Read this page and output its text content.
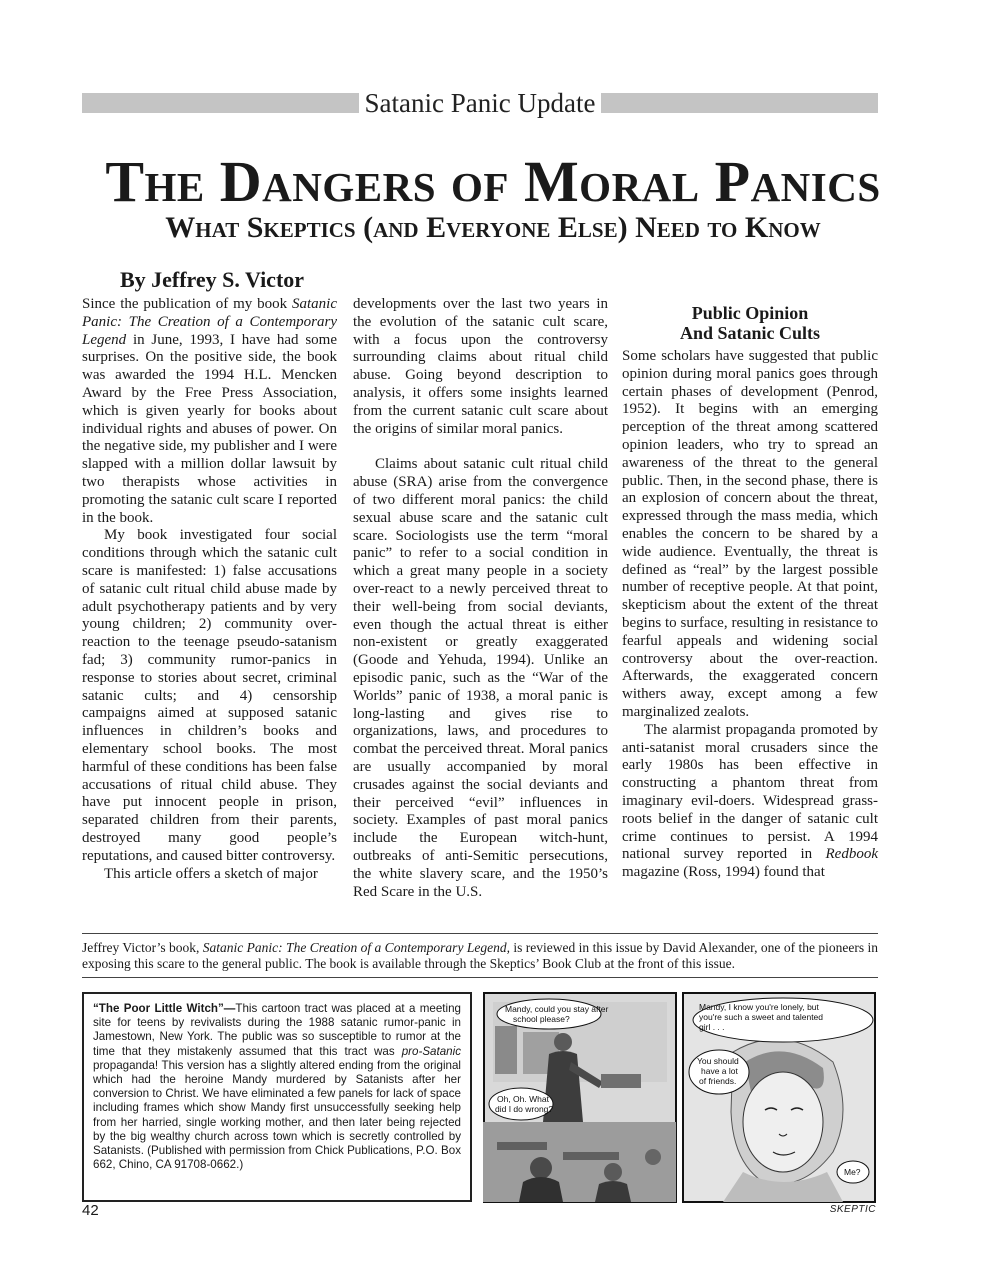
Satanic Panic Update
The Dangers of Moral Panics
What Skeptics (and Everyone Else) Need to Know
By Jeffrey S. Victor

Since the publication of my book Satanic Panic: The Creation of a Contemporary Legend in June, 1993, I have had some surprises. On the positive side, the book was awarded the 1994 H.L. Mencken Award by the Free Press Association, which is given yearly for books about individual rights and abuses of power. On the negative side, my publisher and I were slapped with a million dollar lawsuit by two therapists whose activities in promoting the satanic cult scare I reported in the book.

My book investigated four social conditions through which the satanic cult scare is manifested: 1) false accusations of satanic cult ritual child abuse made by adult psychotherapy patients and by very young children; 2) community over-reaction to the teenage pseudo-satanism fad; 3) community rumor-panics in response to stories about secret, criminal satanic cults; and 4) censorship campaigns aimed at supposed satanic influences in children’s books and elementary school books. The most harmful of these conditions has been false accusations of ritual child abuse. They have put innocent people in prison, separated children from their parents, destroyed many good people’s reputations, and caused bitter controversy.

This article offers a sketch of major

developments over the last two years in the evolution of the satanic cult scare, with a focus upon the controversy surrounding claims about ritual child abuse. Going beyond description to analysis, it offers some insights learned from the current satanic cult scare about the origins of similar moral panics.

Claims about satanic cult ritual child abuse (SRA) arise from the convergence of two different moral panics: the child sexual abuse scare and the satanic cult scare. Sociologists use the term “moral panic” to refer to a social condition in which a great many people in a society over-react to a newly perceived threat to their well-being from social deviants, even though the actual threat is either non-existent or greatly exaggerated (Goode and Yehuda, 1994). Unlike an episodic panic, such as the “War of the Worlds” panic of 1938, a moral panic is long-lasting and gives rise to organizations, laws, and procedures to combat the perceived threat. Moral panics are usually accompanied by moral crusades against the social deviants and their perceived “evil” influences in society. Examples of past moral panics include the European witch-hunt, outbreaks of anti-Semitic persecutions, the white slavery scare, and the 1950’s Red Scare in the U.S.

Public Opinion
And Satanic Cults

Some scholars have suggested that public opinion during moral panics goes through certain phases of development (Penrod, 1952). It begins with an emerging perception of the threat among scattered opinion leaders, who try to spread an awareness of the threat to the general public. Then, in the second phase, there is an explosion of concern about the threat, expressed through the mass media, which enables the concern to be shared by a wide audience. Eventually, the threat is defined as “real” by the largest possible number of receptive people. At that point, skepticism about the extent of the threat begins to surface, resulting in resistance to fearful appeals and widening social controversy about the over-reaction. Afterwards, the exaggerated concern withers away, except among a few marginalized zealots.

The alarmist propaganda promoted by anti-satanist moral crusaders since the early 1980s has been effective in constructing a phantom threat from imaginary evil-doers. Widespread grass-roots belief in the danger of satanic cult crime continues to persist. A 1994 national survey reported in Redbook magazine (Ross, 1994) found that

Jeffrey Victor’s book, Satanic Panic: The Creation of a Contemporary Legend, is reviewed in this issue by David Alexander, one of the pioneers in exposing this scare to the general public. The book is available through the Skeptics’ Book Club at the front of this issue.
“The Poor Little Witch”—This cartoon tract was placed at a meeting site for teens by revivalists during the 1988 satanic rumor-panic in Jamestown, New York. The public was so susceptible to rumor at the time that they mistakenly assumed that this tract was pro-Satanic propaganda! This version has a slightly altered ending from the original which had the heroine Mandy murdered by Satanists after her conversion to Christ. We have eliminated a few panels for lack of space including frames which show Mandy first unsuccessfully seeking help from her harried, single working mother, and then later being rejected by the big wealthy church across town which is secretly controlled by Satanists. (Published with permission from Chick Publications, P.O. Box 662, Chino, CA 91708-0662.)
Mandy, could you stay after
school please?
Oh, Oh. What
did I do wrong?
Mandy, I know you're lonely, but
you're such a sweet and talented
girl . . .
You should
have a lot
of friends.
Me?
42	SKEPTIC
